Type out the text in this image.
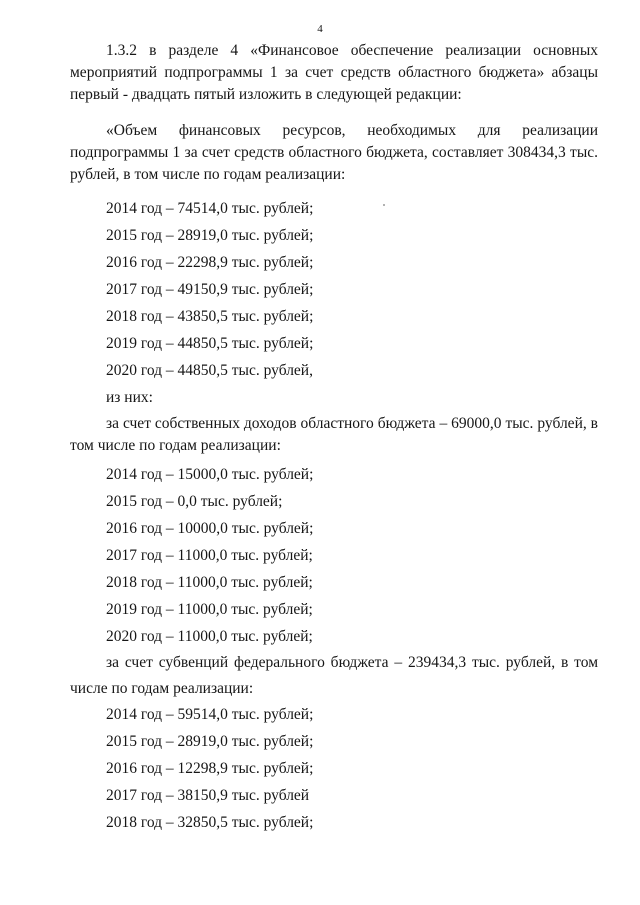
4

1.3.2 в разделе 4 «Финансовое обеспечение реализации основных мероприятий подпрограммы 1 за счет средств областного бюджета» абзацы первый - двадцать пятый изложить в следующей редакции:

«Объем финансовых ресурсов, необходимых для реализации подпрограммы 1 за счет средств областного бюджета, составляет 308434,3 тыс. рублей, в том числе по годам реализации:

2014 год – 74514,0 тыс. рублей;

2015 год – 28919,0 тыс. рублей;

2016 год – 22298,9 тыс. рублей;

2017 год – 49150,9 тыс. рублей;

2018 год – 43850,5 тыс. рублей;

2019 год – 44850,5 тыс. рублей;

2020 год – 44850,5 тыс. рублей,

из них:

за счет собственных доходов областного бюджета – 69000,0 тыс. рублей, в том числе по годам реализации:

2014 год – 15000,0 тыс. рублей;

2015 год – 0,0 тыс. рублей;

2016 год – 10000,0 тыс. рублей;

2017 год – 11000,0 тыс. рублей;

2018 год – 11000,0 тыс. рублей;

2019 год – 11000,0 тыс. рублей;

2020 год – 11000,0 тыс. рублей;

за счет субвенций федерального бюджета – 239434,3 тыс. рублей, в том числе по годам реализации:

2014 год – 59514,0 тыс. рублей;

2015 год – 28919,0 тыс. рублей;

2016 год – 12298,9 тыс. рублей;

2017 год – 38150,9 тыс. рублей

2018 год – 32850,5 тыс. рублей;
